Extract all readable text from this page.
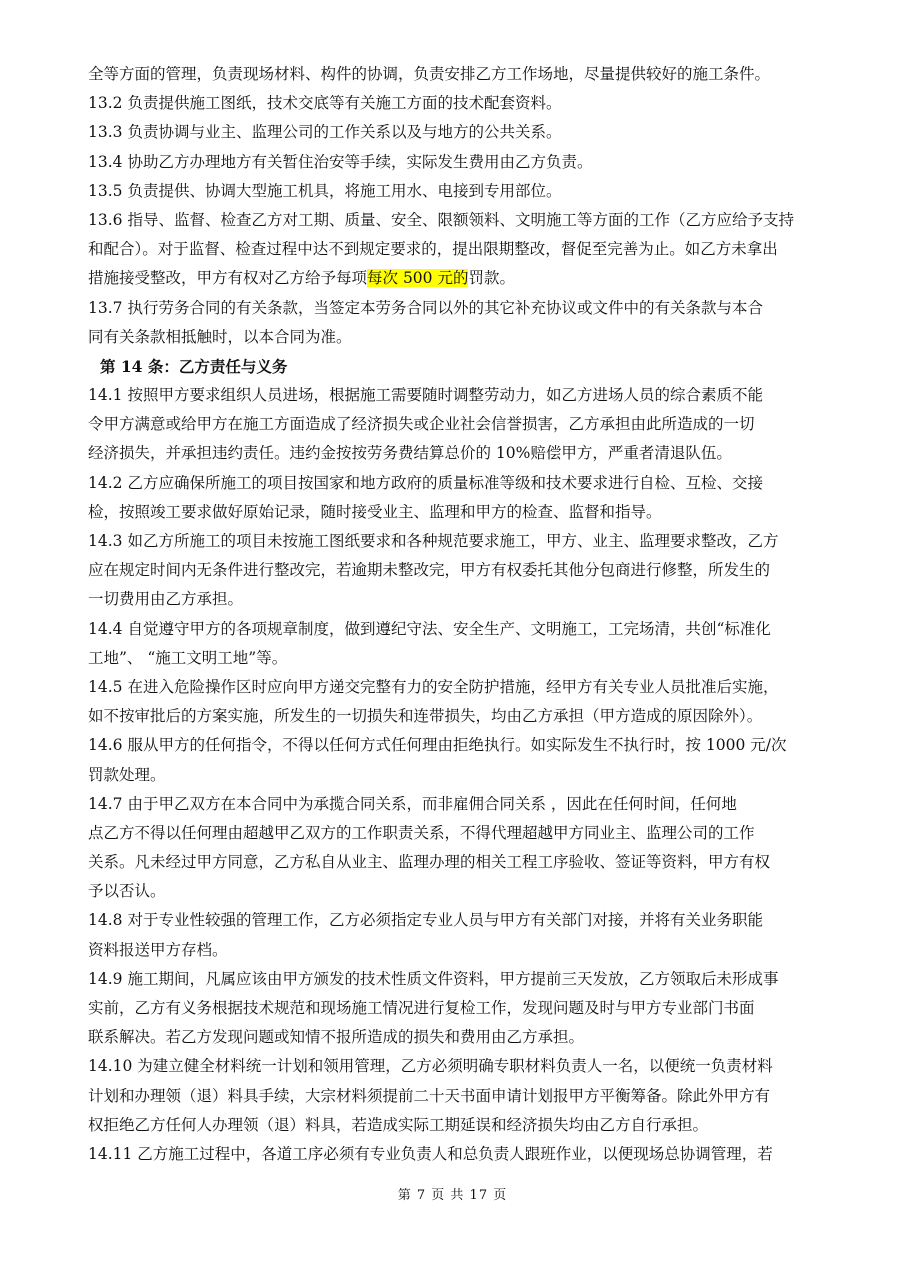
全等方面的管理，负责现场材料、构件的协调，负责安排乙方工作场地，尽量提供较好的施工条件。
13.2 负责提供施工图纸，技术交底等有关施工方面的技术配套资料。
13.3 负责协调与业主、监理公司的工作关系以及与地方的公共关系。
13.4 协助乙方办理地方有关暂住治安等手续，实际发生费用由乙方负责。
13.5 负责提供、协调大型施工机具，将施工用水、电接到专用部位。
13.6 指导、监督、检查乙方对工期、质量、安全、限额领料、文明施工等方面的工作（乙方应给予支持
和配合）。对于监督、检查过程中达不到规定要求的，提出限期整改，督促至完善为止。如乙方未拿出
措施接受整改，甲方有权对乙方给予每项每次 500 元的罚款。
13.7 执行劳务合同的有关条款，当签定本劳务合同以外的其它补充协议或文件中的有关条款与本合
同有关条款相抵触时，以本合同为准。
第 14 条：乙方责任与义务
14.1 按照甲方要求组织人员进场，根据施工需要随时调整劳动力，如乙方进场人员的综合素质不能
令甲方满意或给甲方在施工方面造成了经济损失或企业社会信誉损害，乙方承担由此所造成的一切
经济损失，并承担违约责任。违约金按按劳务费结算总价的 10%赔偿甲方，严重者清退队伍。
14.2 乙方应确保所施工的项目按国家和地方政府的质量标准等级和技术要求进行自检、互检、交接
检，按照竣工要求做好原始记录，随时接受业主、监理和甲方的检查、监督和指导。
14.3 如乙方所施工的项目未按施工图纸要求和各种规范要求施工，甲方、业主、监理要求整改，乙方
应在规定时间内无条件进行整改完，若逾期未整改完，甲方有权委托其他分包商进行修整，所发生的
一切费用由乙方承担。
14.4 自觉遵守甲方的各项规章制度，做到遵纪守法、安全生产、文明施工，工完场清，共创“标准化
工地”、 “施工文明工地”等。
14.5 在进入危险操作区时应向甲方递交完整有力的安全防护措施，经甲方有关专业人员批准后实施，
如不按审批后的方案实施，所发生的一切损失和连带损失，均由乙方承担（甲方造成的原因除外）。
14.6 服从甲方的任何指令，不得以任何方式任何理由拒绝执行。如实际发生不执行时，按 1000 元/次
罚款处理。
14.7 由于甲乙双方在本合同中为承揽合同关系，而非雇佣合同关系 ，因此在任何时间，任何地
点乙方不得以任何理由超越甲乙双方的工作职责关系，不得代理超越甲方同业主、监理公司的工作
关系。凡未经过甲方同意，乙方私自从业主、监理办理的相关工程工序验收、签证等资料，甲方有权
予以否认。
14.8 对于专业性较强的管理工作，乙方必须指定专业人员与甲方有关部门对接，并将有关业务职能
资料报送甲方存档。
14.9 施工期间，凡属应该由甲方颁发的技术性质文件资料，甲方提前三天发放，乙方领取后未形成事
实前，乙方有义务根据技术规范和现场施工情况进行复检工作，发现问题及时与甲方专业部门书面
联系解决。若乙方发现问题或知情不报所造成的损失和费用由乙方承担。
14.10 为建立健全材料统一计划和领用管理，乙方必须明确专职材料负责人一名，以便统一负责材料
计划和办理领（退）料具手续，大宗材料须提前二十天书面申请计划报甲方平衡筹备。除此外甲方有
权拒绝乙方任何人办理领（退）料具，若造成实际工期延误和经济损失均由乙方自行承担。
14.11 乙方施工过程中，各道工序必须有专业负责人和总负责人跟班作业，以便现场总协调管理，若
第 7 页 共 17 页
